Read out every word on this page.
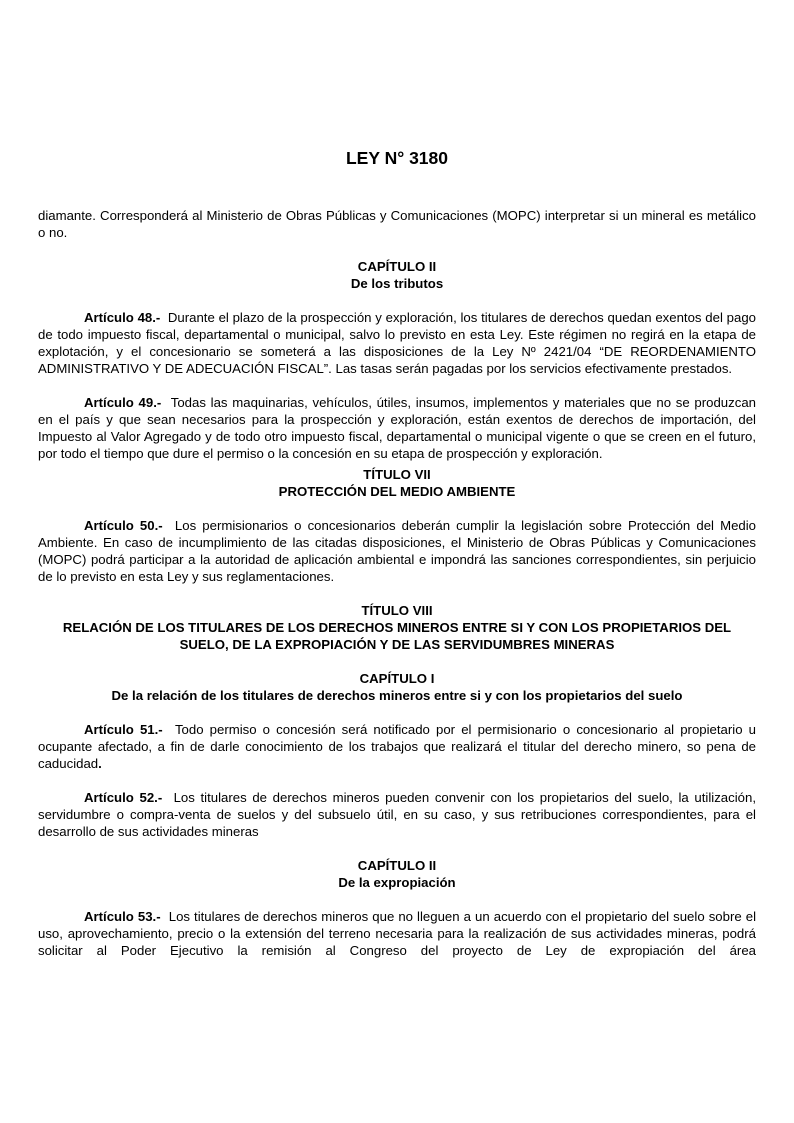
LEY N° 3180

diamante. Corresponderá al Ministerio de Obras Públicas y Comunicaciones (MOPC) interpretar si un mineral es metálico o no.

CAPÍTULO II

De los tributos

Artículo 48.- Durante el plazo de la prospección y exploración, los titulares de derechos quedan exentos del pago de todo impuesto fiscal, departamental o municipal, salvo lo previsto en esta Ley. Este régimen no regirá en la etapa de explotación, y el concesionario se someterá a las disposiciones de la Ley Nº 2421/04 “DE REORDENAMIENTO ADMINISTRATIVO Y DE ADECUACIÓN FISCAL”. Las tasas serán pagadas por los servicios efectivamente prestados.

Artículo 49.- Todas las maquinarias, vehículos, útiles, insumos, implementos y materiales que no se produzcan en el país y que sean necesarios para la prospección y exploración, están exentos de derechos de importación, del Impuesto al Valor Agregado y de todo otro impuesto fiscal, departamental o municipal vigente o que se creen en el futuro, por todo el tiempo que dure el permiso o la concesión en su etapa de prospección y exploración.

TÍTULO VII

PROTECCIÓN DEL MEDIO AMBIENTE

Artículo 50.- Los permisionarios o concesionarios deberán cumplir la legislación sobre Protección del Medio Ambiente. En caso de incumplimiento de las citadas disposiciones, el Ministerio de Obras Públicas y Comunicaciones (MOPC) podrá participar a la autoridad de aplicación ambiental e impondrá las sanciones correspondientes, sin perjuicio de lo previsto en esta Ley y sus reglamentaciones.

TÍTULO VIII

RELACIÓN DE LOS TITULARES DE LOS DERECHOS MINEROS ENTRE SI Y CON LOS PROPIETARIOS DEL

SUELO, DE LA EXPROPIACIÓN Y DE LAS SERVIDUMBRES MINERAS

CAPÍTULO I

De la relación de los titulares de derechos mineros entre si y con los propietarios del suelo

Artículo 51.- Todo permiso o concesión será notificado por el permisionario o concesionario al propietario u ocupante afectado, a fin de darle conocimiento de los trabajos que realizará el titular del derecho minero, so pena de caducidad.

Artículo 52.- Los titulares de derechos mineros pueden convenir con los propietarios del suelo, la utilización, servidumbre o compra-venta de suelos y del subsuelo útil, en su caso, y sus retribuciones correspondientes, para el desarrollo de sus actividades mineras

CAPÍTULO II

De la expropiación

Artículo 53.- Los titulares de derechos mineros que no lleguen a un acuerdo con el propietario del suelo sobre el uso, aprovechamiento, precio o la extensión del terreno necesaria para la realización de sus actividades mineras, podrá solicitar al Poder Ejecutivo la remisión al Congreso del proyecto de Ley de expropiación del área
